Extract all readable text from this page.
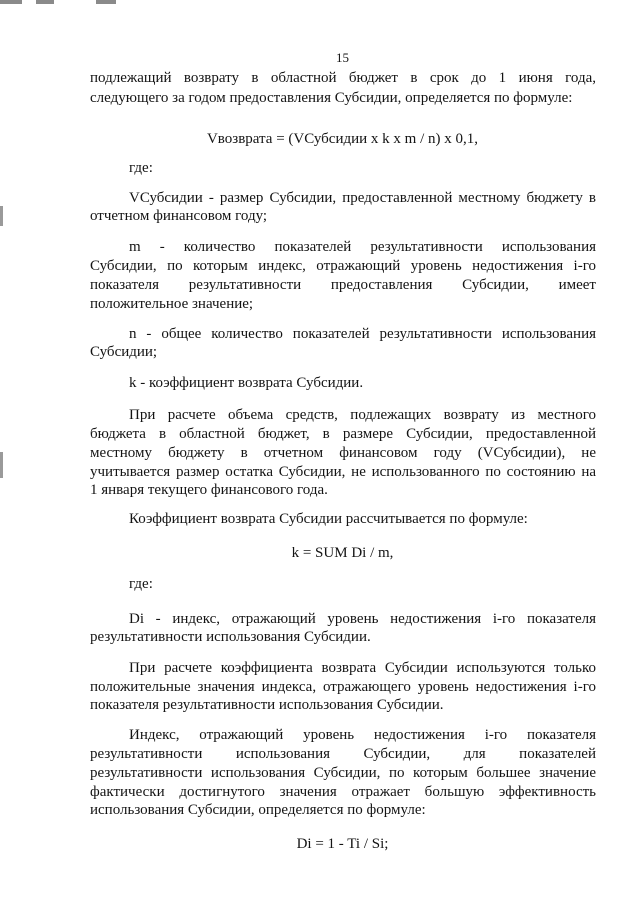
15
подлежащий возврату в областной бюджет в срок до 1 июня года,
следующего за годом предоставления Субсидии, определяется по формуле:
Vвозврата = (VСубсидии x k x m / n) x 0,1,
где:
VСубсидии - размер Субсидии, предоставленной местному бюджету в
отчетном финансовом году;
m - количество показателей результативности использования
Субсидии, по которым индекс, отражающий уровень недостижения i-го
показателя результативности предоставления Субсидии, имеет
положительное значение;
n - общее количество показателей результативности использования
Субсидии;
k - коэффициент возврата Субсидии.
При расчете объема средств, подлежащих возврату из местного
бюджета в областной бюджет, в размере Субсидии, предоставленной
местному бюджету в отчетном финансовом году (VСубсидии), не
учитывается размер остатка Субсидии, не использованного по состоянию на
1 января текущего финансового года.
Коэффициент возврата Субсидии рассчитывается по формуле:
k = SUM Di / m,
где:
Di - индекс, отражающий уровень недостижения i-го показателя
результативности использования Субсидии.
При расчете коэффициента возврата Субсидии используются только
положительные значения индекса, отражающего уровень недостижения i-го
показателя результативности использования Субсидии.
Индекс, отражающий уровень недостижения i-го показателя
результативности использования Субсидии, для показателей
результативности использования Субсидии, по которым большее значение
фактически достигнутого значения отражает большую эффективность
использования Субсидии, определяется по формуле:
Di = 1 - Ti / Si;
